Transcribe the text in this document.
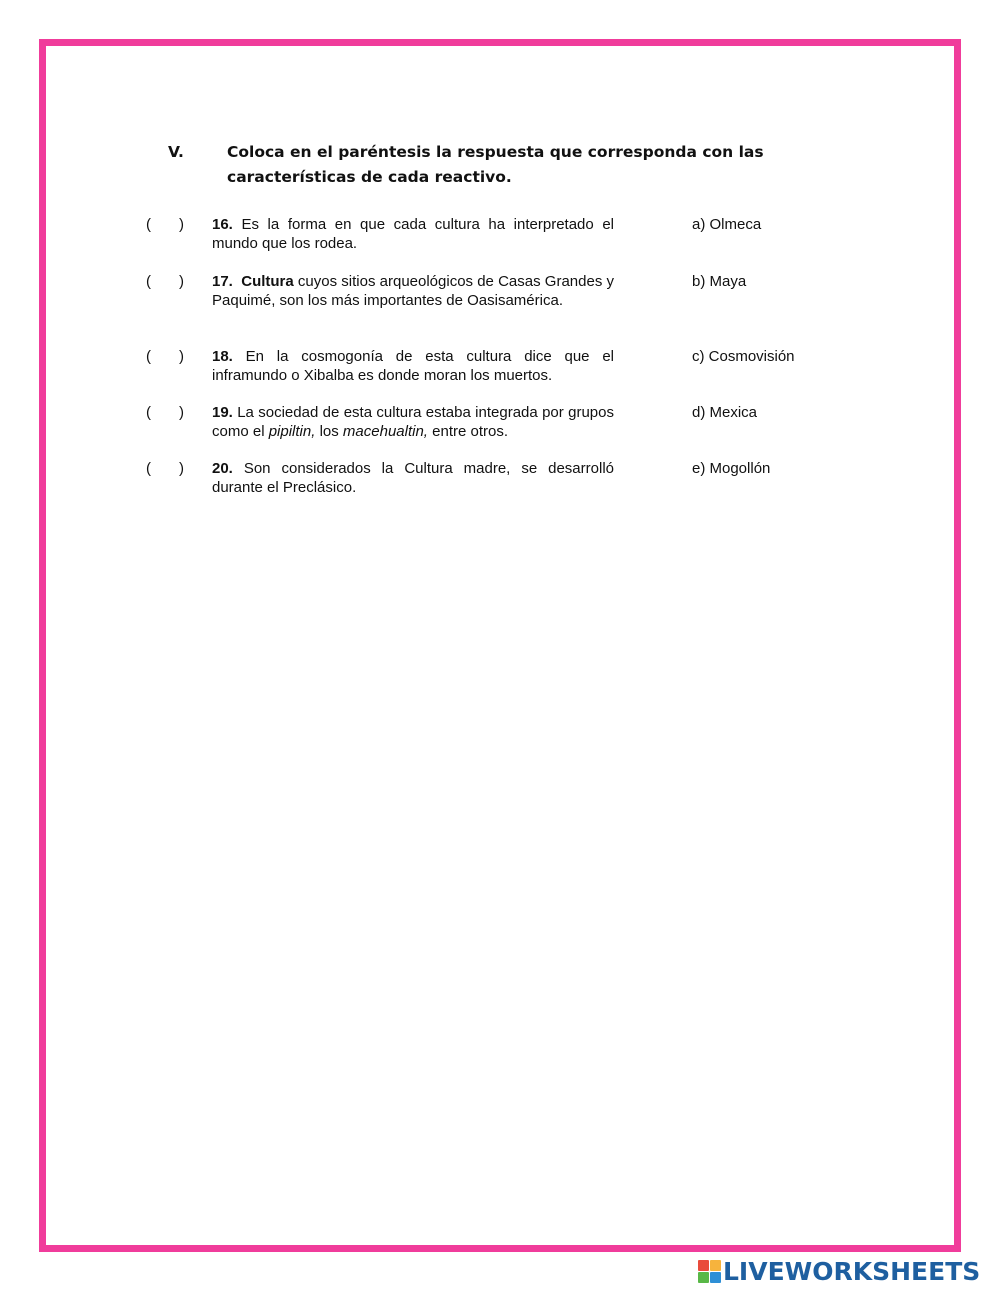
V.	Coloca en el paréntesis la respuesta que corresponda con las características de cada reactivo.
( ) 16. Es la forma en que cada cultura ha interpretado el mundo que los rodea.
a) Olmeca
( ) 17. Cultura cuyos sitios arqueológicos de Casas Grandes y Paquimé, son los más importantes de Oasisamérica.
b) Maya
( ) 18. En la cosmogonía de esta cultura dice que el inframundo o Xibalba es donde moran los muertos.
c) Cosmovisión
( ) 19. La sociedad de esta cultura estaba integrada por grupos como el pipiltin, los macehualtin, entre otros.
d) Mexica
( ) 20. Son considerados la Cultura madre, se desarrolló durante el Preclásico.
e) Mogollón
LIVEWORKSHEETS
